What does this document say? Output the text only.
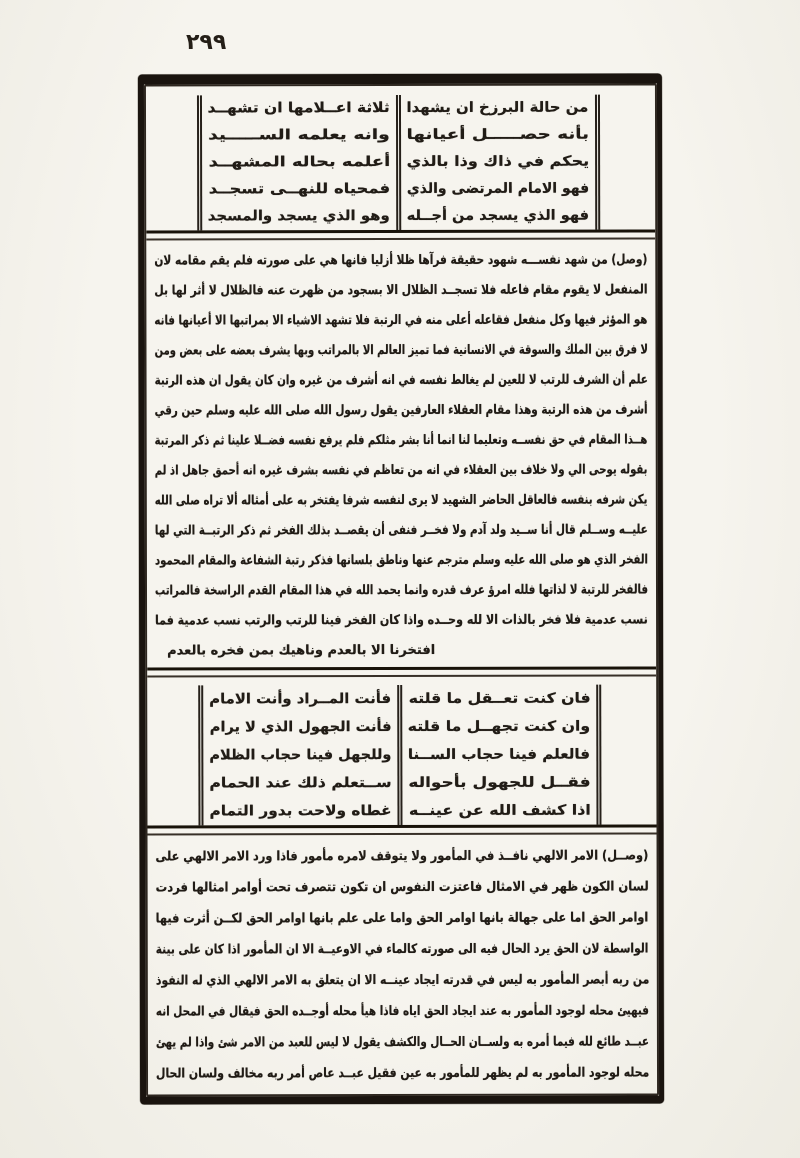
٢٩٩
من حالة البرزخ ان يشهدا
بأنه حصـــــل أعيانها
يحكم في ذاك وذا بالذي
فهو الامام المرتضى والذي
فهو الذي يسجد من أجــله
ثلاثة اعــلامها ان تشهــد
وانه يعلمه الســـــيد
أعلمه بحاله المشهــد
فمحياه للنهــى تسجــد
وهو الذي يسجد والمسجد
(وصل) من شهد نفســـه شهود حقيقة فرآها ظلا أزليا فانها هي على صورته فلم يقم مقامه لان
المنفعل لا يقوم مقام فاعله فلا تسجــد الظلال الا بسجود من ظهرت عنه فالظلال لا أثر لها بل
هو المؤثر فيها وكل منفعل فقاعله أعلى منه في الرتبة فلا تشهد الاشياء الا بمراتبها الا أعيانها فانه
لا فرق بين الملك والسوقة في الانسانية فما تميز العالم الا بالمراتب وبها يشرف بعضه على بعض ومن
علم أن الشرف للرتب لا للعين لم يغالط نفسه في انه أشرف من غيره وان كان يقول ان هذه الرتبة
أشرف من هذه الرتبة وهذا مقام العقلاء العارفين يقول رسول الله صلى الله عليه وسلم حين رقي
هــذا المقام في حق نفســه وتعليما لنا انما أنا بشر مثلكم فلم يرفع نفسه فضــلا علينا ثم ذكر المرتبة
بقوله يوحى الي ولا خلاف بين العقلاء في انه من تعاظم في نفسه بشرف غيره انه أحمق جاهل اذ لم
يكن شرفه بنفسه فالعاقل الحاضر الشهيد لا يرى لنفسه شرفا يفتخر به على أمثاله ألا تراه صلى الله
عليــه وســلم قال أنا ســيد ولد آدم ولا فخــر فنفى أن يقصــد بذلك الفخر ثم ذكر الرتبــة التي لها
الفخر الذي هو صلى الله عليه وسلم مترجم عنها وناطق بلسانها فذكر رتبة الشفاعة والمقام المحمود
فالفخر للرتبة لا لذاتها فلله امرؤ عرف قدره وانما يحمد الله في هذا المقام القدم الراسخة فالمراتب
نسب عدمية فلا فخر بالذات الا لله وحــده واذا كان الفخر فينا للرتب والرتب نسب عدمية فما
افتخرنا الا بالعدم وناهيك بمن فخره بالعدم
فان كنت تعــقل ما قلته
وان كنت تجهــل ما قلته
فالعلم فينا حجاب الســنا
فقــل للجهول بأحواله
اذا كشف الله عن عينــه
فأنت المــراد وأنت الامام
فأنت الجهول الذي لا يرام
وللجهل فينا حجاب الظلام
ســتعلم ذلك عند الحمام
غطاه ولاحت بدور التمام
(وصــل) الامر الالهي نافــذ في المأمور ولا يتوقف لامره مأمور فاذا ورد الامر الالهي على
لسان الكون ظهر في الامثال فاعتزت النفوس ان تكون تتصرف تحت أوامر امثالها فردت
اوامر الحق اما على جهالة بانها اوامر الحق واما على علم بانها اوامر الحق لكــن أثرت فيها
الواسطة لان الحق يرد الحال فيه الى صورته كالماء في الاوعيــة الا ان المأمور اذا كان على بينة
من ربه أبصر المأمور به ليس في قدرته ايجاد عينــه الا ان يتعلق به الامر الالهي الذي له النفوذ
فيهيئ محله لوجود المأمور به عند ايجاد الحق اياه فاذا هيأ محله أوجــده الحق فيقال في المحل انه
عبــد طائع لله فيما أمره به ولســان الحــال والكشف يقول لا ليس للعبد من الامر شئ واذا لم يهئ
محله لوجود المأمور به لم يظهر للمأمور به عين فقيل عبــد عاص أمر ربه مخالف ولسان الحال
